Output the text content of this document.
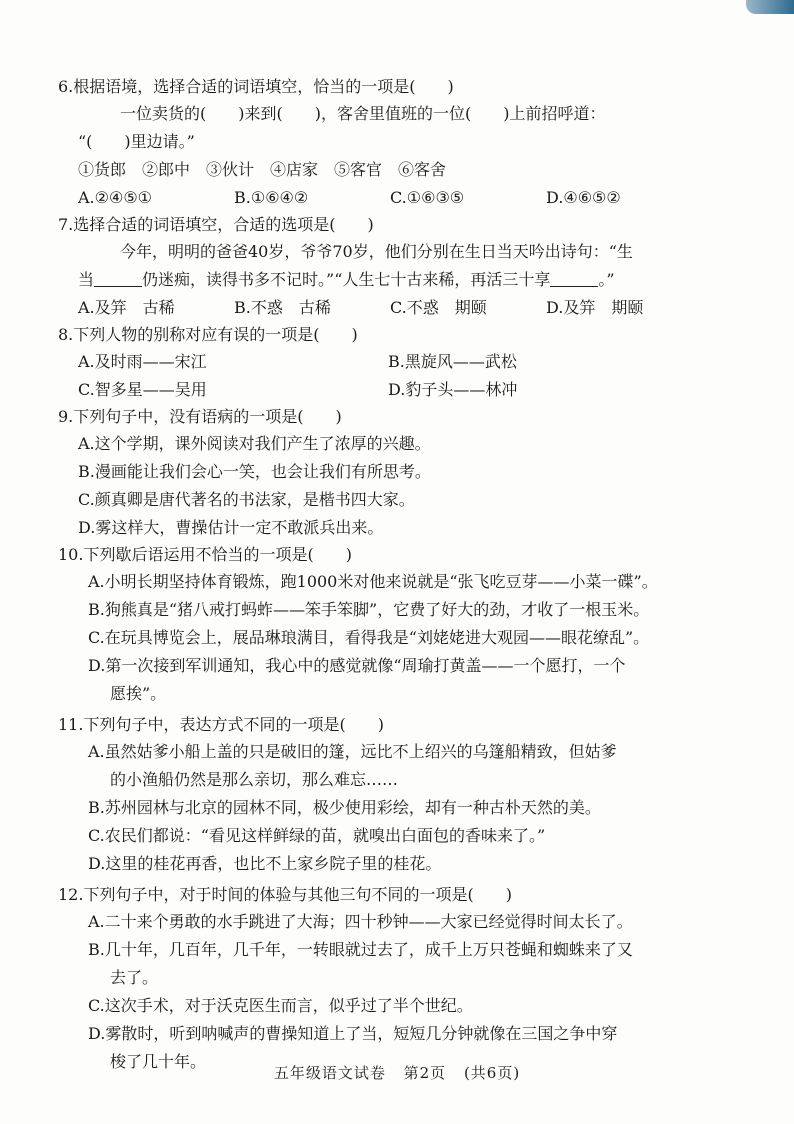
6.根据语境，选择合适的词语填空，恰当的一项是(　　)
一位卖货的(　　)来到(　　)，客舍里值班的一位(　　)上前招呼道：
“(　　)里边请。”
①货郎　②郎中　③伙计　④店家　⑤客官　⑥客舍
A.②④⑤①	B.①⑥④②	C.①⑥③⑤	D.④⑥⑤②
7.选择合适的词语填空，合适的选项是(　　)
今年，明明的爸爸40岁，爷爷70岁，他们分别在生日当天吟出诗句：“生
当	仍迷痴，读得书多不记时。”“人生七十古来稀，再活三十享	。”
A.及笄　古稀	B.不惑　古稀	C.不惑　期颐	D.及笄　期颐
8.下列人物的别称对应有误的一项是(　　)
A.及时雨——宋江	B.黑旋风——武松
C.智多星——吴用	D.豹子头——林冲
9.下列句子中，没有语病的一项是(　　)
A.这个学期，课外阅读对我们产生了浓厚的兴趣。
B.漫画能让我们会心一笑，也会让我们有所思考。
C.颜真卿是唐代著名的书法家，是楷书四大家。
D.雾这样大，曹操估计一定不敢派兵出来。
10.下列歇后语运用不恰当的一项是(　　)
A.小明长期坚持体育锻炼，跑1000米对他来说就是“张飞吃豆芽——小菜一碟”。
B.狗熊真是“猪八戒打蚂蚱——笨手笨脚”，它费了好大的劲，才收了一根玉米。
C.在玩具博览会上，展品琳琅满目，看得我是“刘姥姥进大观园——眼花缭乱”。
D.第一次接到军训通知，我心中的感觉就像“周瑜打黄盖——一个愿打，一个
愿挨”。
11.下列句子中，表达方式不同的一项是(　　)
A.虽然姑爹小船上盖的只是破旧的篷，远比不上绍兴的乌篷船精致，但姑爹
的小渔船仍然是那么亲切，那么难忘……
B.苏州园林与北京的园林不同，极少使用彩绘，却有一种古朴天然的美。
C.农民们都说：“看见这样鲜绿的苗，就嗅出白面包的香味来了。”
D.这里的桂花再香，也比不上家乡院子里的桂花。
12.下列句子中，对于时间的体验与其他三句不同的一项是(　　)
A.二十来个勇敢的水手跳进了大海；四十秒钟——大家已经觉得时间太长了。
B.几十年，几百年，几千年，一转眼就过去了，成千上万只苍蝇和蜘蛛来了又
去了。
C.这次手术，对于沃克医生而言，似乎过了半个世纪。
D.雾散时，听到呐喊声的曹操知道上了当，短短几分钟就像在三国之争中穿
梭了几十年。
五年级语文试卷 第2页 (共6页)
